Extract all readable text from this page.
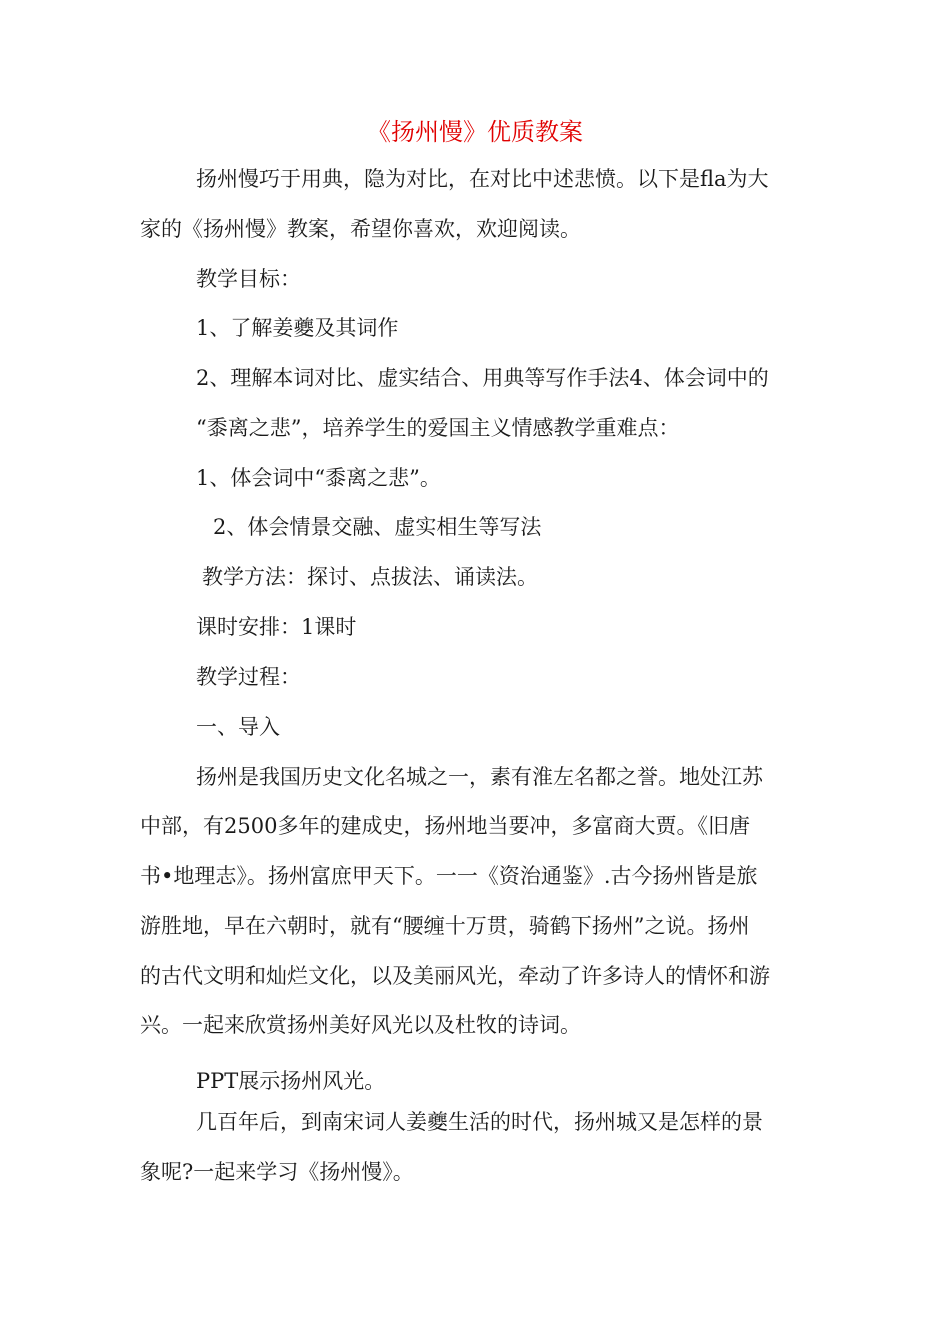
《扬州慢》优质教案
扬州慢巧于用典，隐为对比，在对比中述悲愤。以下是fla为大
家的《扬州慢》教案，希望你喜欢，欢迎阅读。
教学目标：
1、了解姜夔及其词作
2、理解本词对比、虚实结合、用典等写作手法4、体会词中的
“黍离之悲”，培养学生的爱国主义情感教学重难点：
1、体会词中“黍离之悲”。
2、体会情景交融、虚实相生等写法
教学方法：探讨、点拔法、诵读法。
课时安排：1课时
教学过程：
一、导入
扬州是我国历史文化名城之一，素有淮左名都之誉。地处江苏
中部，有2500多年的建成史，扬州地当要冲，多富商大贾。《旧唐
书•地理志》。扬州富庶甲天下。一一《资治通鉴》.古今扬州皆是旅
游胜地，早在六朝时，就有“腰缠十万贯，骑鹤下扬州”之说。扬州
的古代文明和灿烂文化，以及美丽风光，牵动了许多诗人的情怀和游
兴。一起来欣赏扬州美好风光以及杜牧的诗词。
PPT展示扬州风光。
几百年后，到南宋词人姜夔生活的时代，扬州城又是怎样的景
象呢?一起来学习《扬州慢》。
